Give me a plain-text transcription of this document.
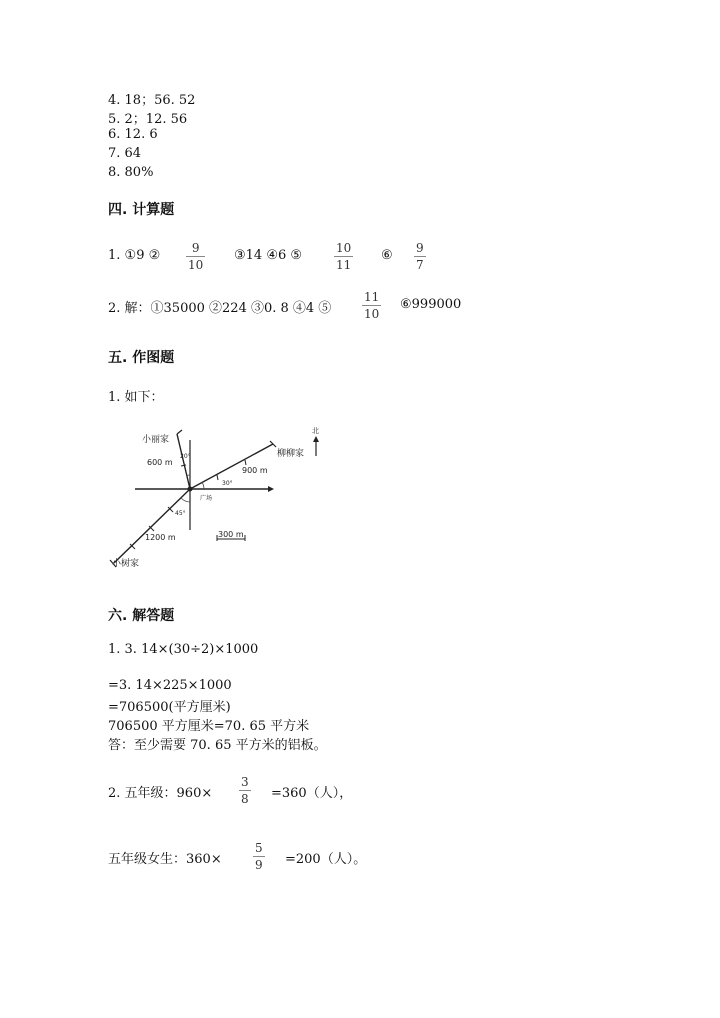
4. 18；56. 52
5. 2；12. 56
6. 12. 6
7. 64
8. 80%
四. 计算题
1. ①9 ②	9
10
③14 ④6 ⑤	10
11
⑥ 9
7
2. 解：①35000 ②224 ③0. 8 ④4 ⑤
11
10
⑥999000
五. 作图题
1. 如下：
北
300 m
小丽家
600 m
20°	柳柳家
900 m
30°
广场
45°
1200 m
小树家
六. 解答题
1. 3. 14×(30÷2)×1000
=3. 14×225×1000
=706500(平方厘米)
706500 平方厘米=70. 65 平方米
答：至少需要 70. 65 平方米的铝板。
2. 五年级：960×
3
8 =360（人），
五年级女生：360×
5
9 =200（人）。
